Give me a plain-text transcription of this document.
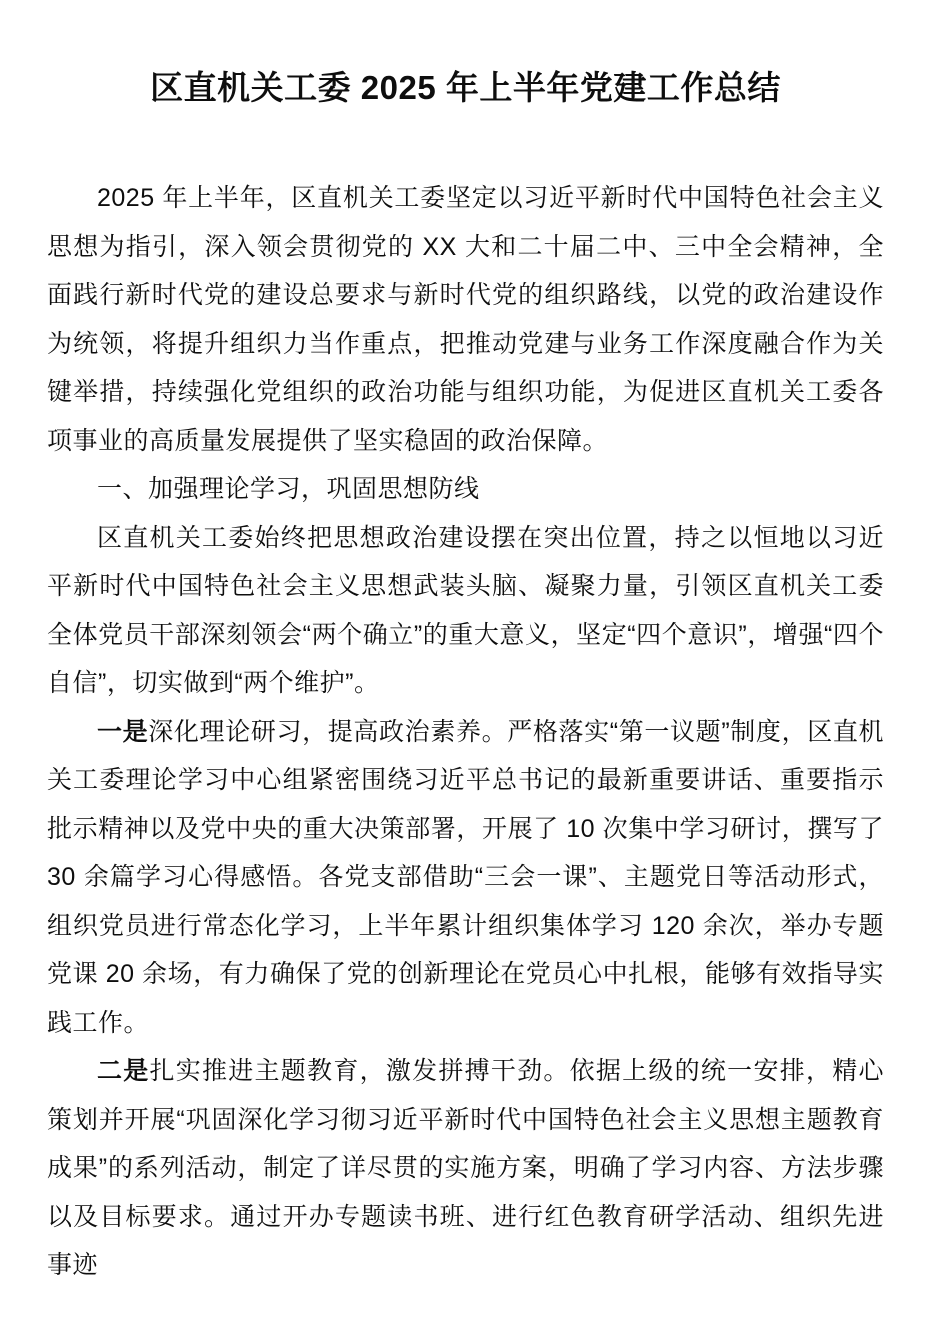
区直机关工委 2025 年上半年党建工作总结

2025 年上半年，区直机关工委坚定以习近平新时代中国特色社会主义思想为指引，深入领会贯彻党的 XX 大和二十届二中、三中全会精神，全面践行新时代党的建设总要求与新时代党的组织路线，以党的政治建设作为统领，将提升组织力当作重点，把推动党建与业务工作深度融合作为关键举措，持续强化党组织的政治功能与组织功能，为促进区直机关工委各项事业的高质量发展提供了坚实稳固的政治保障。

一、加强理论学习，巩固思想防线

区直机关工委始终把思想政治建设摆在突出位置，持之以恒地以习近平新时代中国特色社会主义思想武装头脑、凝聚力量，引领区直机关工委全体党员干部深刻领会“两个确立”的重大意义，坚定“四个意识”，增强“四个自信”，切实做到“两个维护”。

一是深化理论研习，提高政治素养。严格落实“第一议题”制度，区直机关工委理论学习中心组紧密围绕习近平总书记的最新重要讲话、重要指示批示精神以及党中央的重大决策部署，开展了 10 次集中学习研讨，撰写了 30 余篇学习心得感悟。各党支部借助“三会一课”、主题党日等活动形式，组织党员进行常态化学习，上半年累计组织集体学习 120 余次，举办专题党课 20 余场，有力确保了党的创新理论在党员心中扎根，能够有效指导实践工作。

二是扎实推进主题教育，激发拼搏干劲。依据上级的统一安排，精心策划并开展“巩固深化学习彻习近平新时代中国特色社会主义思想主题教育成果”的系列活动，制定了详尽贯的实施方案，明确了学习内容、方法步骤以及目标要求。通过开办专题读书班、进行红色教育研学活动、组织先进事迹
